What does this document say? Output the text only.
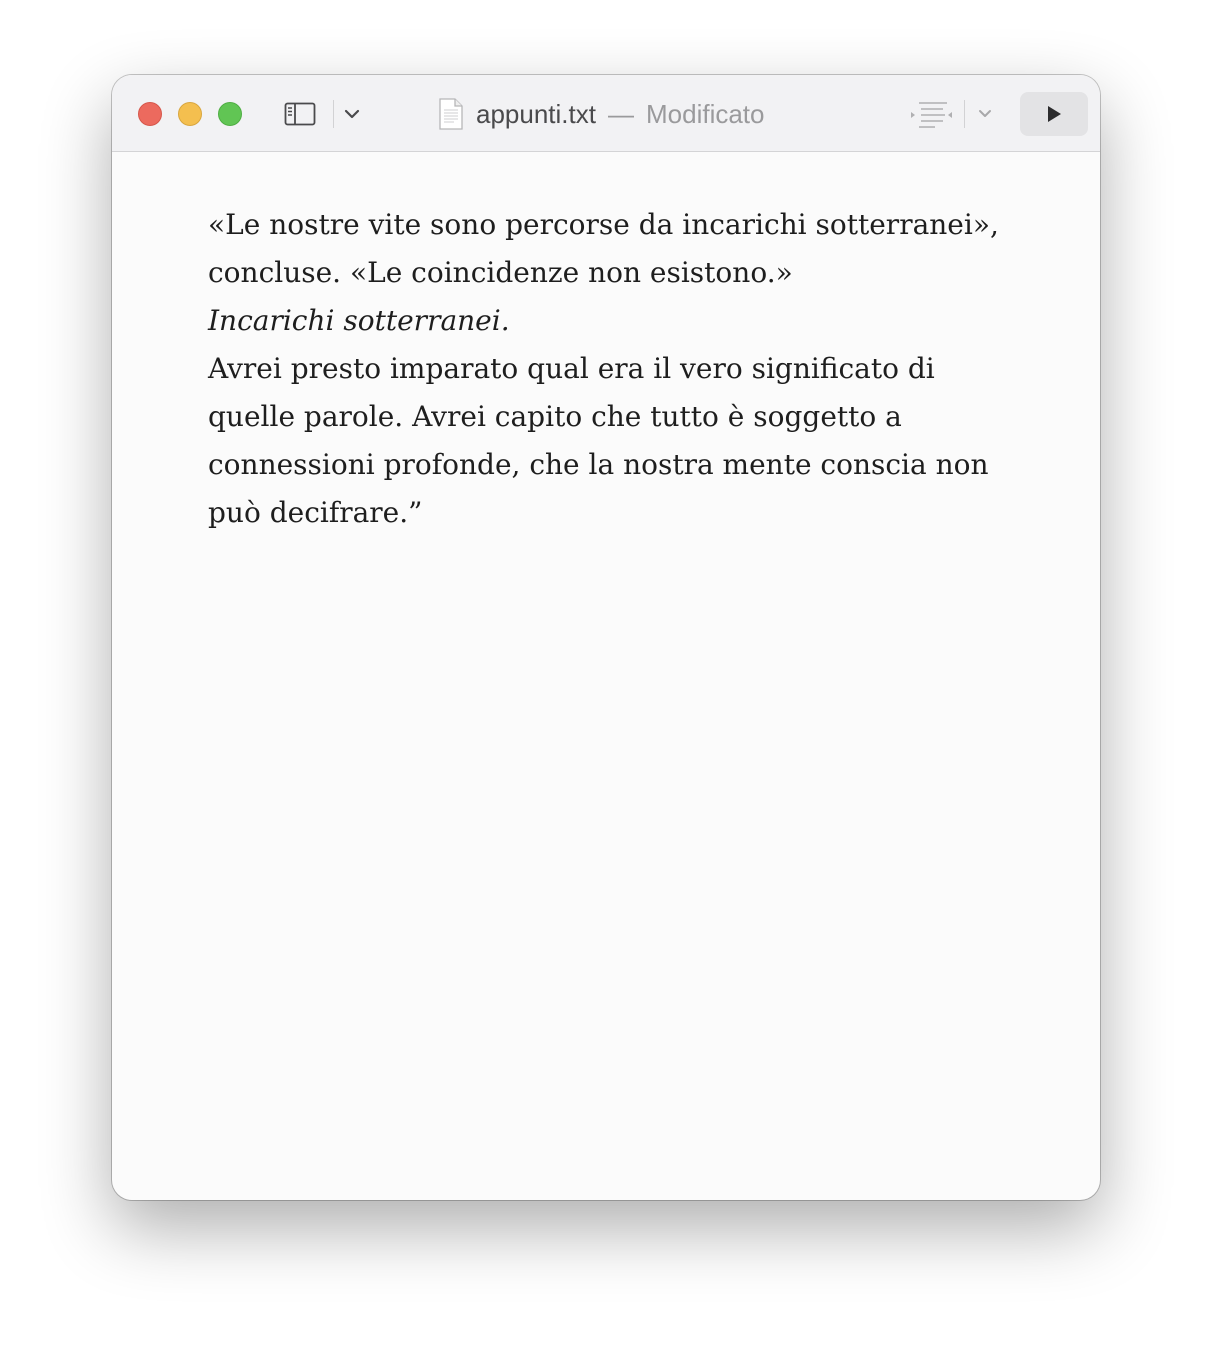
appunti.txt — Modificato
«Le nostre vite sono percorse da incarichi sotterranei»,
concluse. «Le coincidenze non esistono.»
Incarichi sotterranei.
Avrei presto imparato qual era il vero significato di
quelle parole. Avrei capito che tutto è soggetto a
connessioni profonde, che la nostra mente conscia non
può decifrare.”
